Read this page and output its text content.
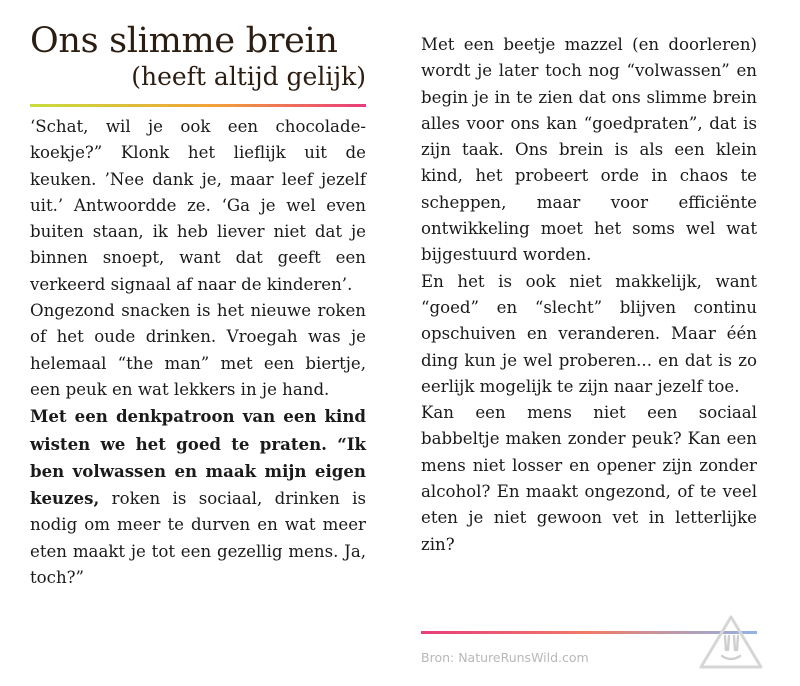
Ons slimme brein
(heeft altijd gelijk)

‘Schat, wil je ook een chocolade-koekje?” Klonk het lieflijk uit de keuken. ’Nee dank je, maar leef jezelf uit.’ Antwoordde ze. ‘Ga je wel even buiten staan, ik heb liever niet dat je binnen snoept, want dat geeft een verkeerd signaal af naar de kinderen’.

Ongezond snacken is het nieuwe roken of het oude drinken. Vroegah was je helemaal “the man” met een biertje, een peuk en wat lekkers in je hand.

Met een denkpatroon van een kind wisten we het goed te praten. “Ik ben volwassen en maak mijn eigen keuzes, roken is sociaal, drinken is nodig om meer te durven en wat meer eten maakt je tot een gezellig mens. Ja, toch?”

Met een beetje mazzel (en doorleren) wordt je later toch nog “volwassen” en begin je in te zien dat ons slimme brein alles voor ons kan “goedpraten”, dat is zijn taak. Ons brein is als een klein kind, het probeert orde in chaos te scheppen, maar voor efficiënte ontwikkeling moet het soms wel wat bijgestuurd worden.

En het is ook niet makkelijk, want “goed” en “slecht” blijven continu opschuiven en veranderen. Maar één ding kun je wel proberen... en dat is zo eerlijk mogelijk te zijn naar jezelf toe.

Kan een mens niet een sociaal babbeltje maken zonder peuk? Kan een mens niet losser en opener zijn zonder alcohol? En maakt ongezond, of te veel eten je niet gewoon vet in letterlijke zin?

Bron: NatureRunsWild.com
